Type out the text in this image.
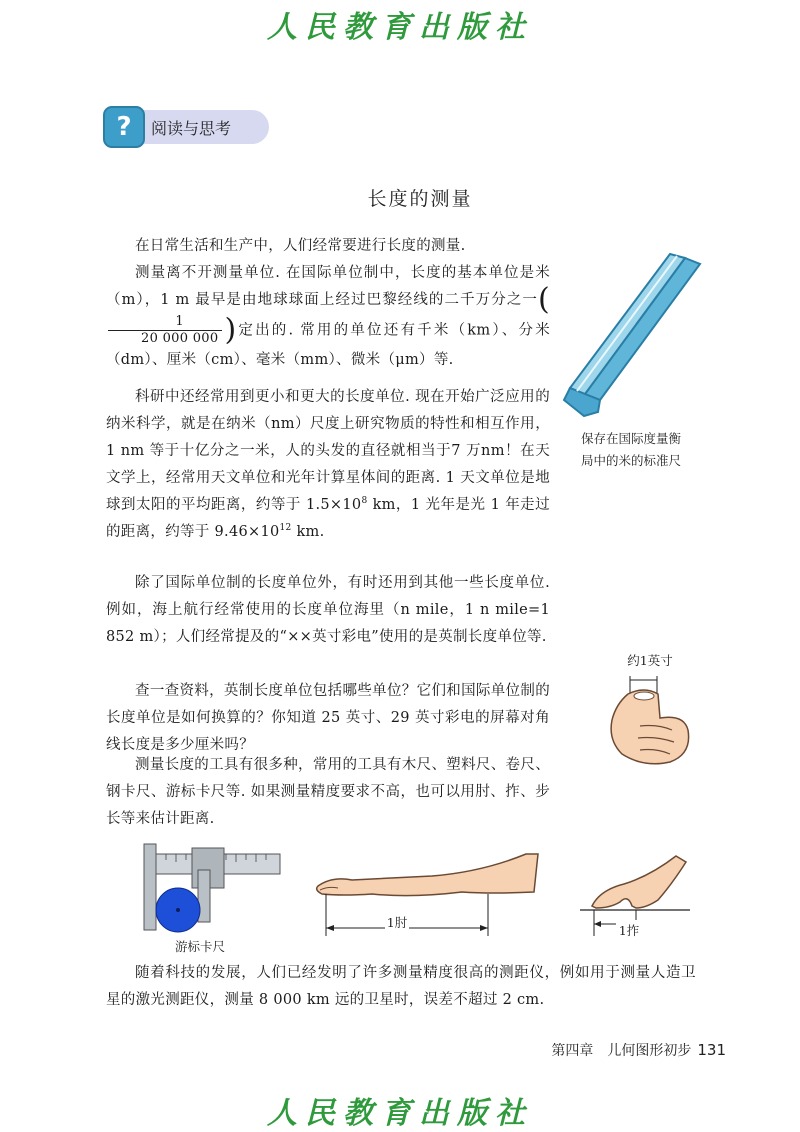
人民教育出版社
?	阅读与思考
长度的测量
在日常生活和生产中，人们经常要进行长度的测量.
测量离不开测量单位. 在国际单位制中，长度的基本单位是米（m），1 m 最早是由地球球面上经过巴黎经线的二千万分之一(
$\frac{1}{20 000 000}$ )定出的. 常用的单位还有千米（km）、分米（dm）、厘米（cm）、毫米（mm）、微米（μm）等.
科研中还经常用到更小和更大的长度单位. 现在开始广泛应用的纳米科学，就是在纳米（nm）尺度上研究物质的特性和相互作用，1 nm 等于十亿分之一米，人的头发的直径就相当于7 万nm！在天文学上，经常用天文单位和光年计算星体间的距离. 1 天文单位是地球到太阳的平均距离，约等于 $1.5\times 10^8$ km，1 光年是光 1 年走过的距离，约等于 $9.46\times 10^{12}$ km.
除了国际单位制的长度单位外，有时还用到其他一些长度单位. 例如，海上航行经常使用的长度单位海里（n mile，1 n mile=1 852 m）；人们经常提及的“××英寸彩电”使用的是英制长度单位等.
查一查资料，英制长度单位包括哪些单位？它们和国际单位制的长度单位是如何换算的？你知道 25 英寸、29 英寸彩电的屏幕对角线长度是多少厘米吗？
测量长度的工具有很多种，常用的工具有木尺、塑料尺、卷尺、钢卡尺、游标卡尺等. 如果测量精度要求不高，也可以用肘、拃、步长等来估计距离.
随着科技的发展，人们已经发明了许多测量精度很高的测距仪，例如用于测量人造卫星的激光测距仪，测量 8 000 km 远的卫星时，误差不超过 2 cm.
保存在国际度量衡
局中的米的标准尺
约1英寸
游标卡尺
1肘
1拃
第四章　儿何图形初步 131
人民教育出版社
